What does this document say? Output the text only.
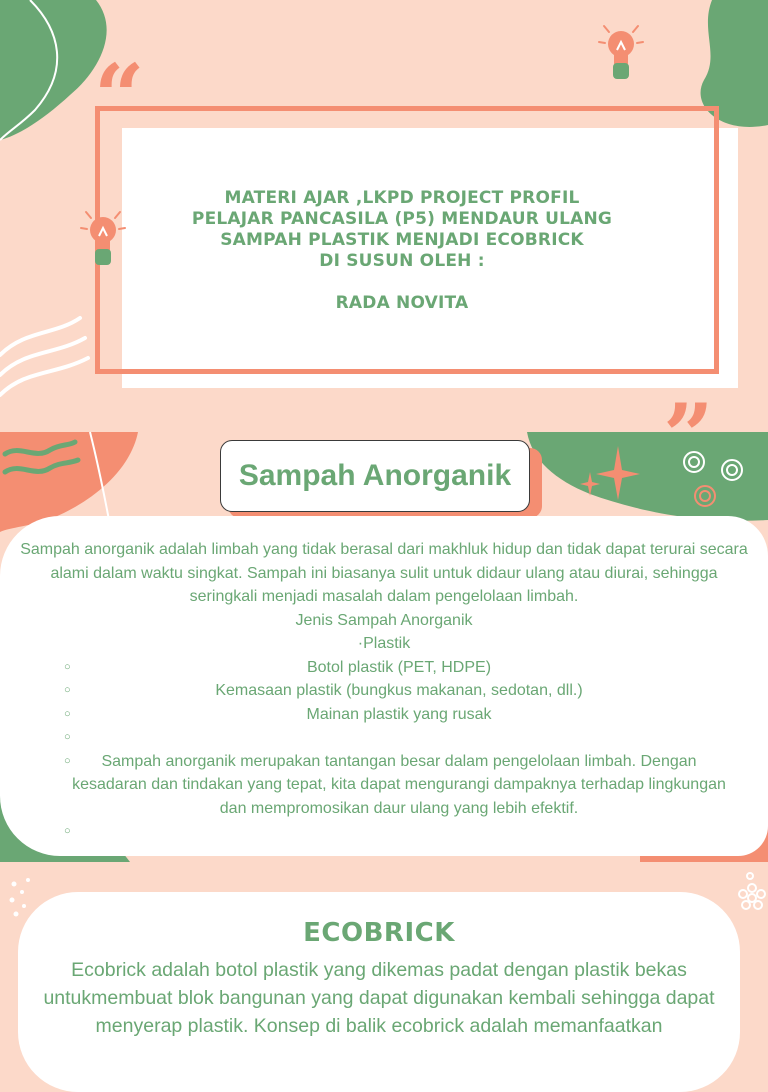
“
MATERI AJAR ,LKPD PROJECT PROFIL
PELAJAR PANCASILA (P5) MENDAUR ULANG
SAMPAH PLASTIK MENJADI ECOBRICK
DI SUSUN OLEH :
RADA NOVITA
Sampah Anorganik

Sampah anorganik adalah limbah yang tidak berasal dari makhluk hidup dan tidak dapat terurai secara alami dalam waktu singkat. Sampah ini biasanya sulit untuk didaur ulang atau diurai, sehingga seringkali menjadi masalah dalam pengelolaan limbah.

Jenis Sampah Anorganik

·Plastik

○	Botol plastik (PET, HDPE)
○	Kemasaan plastik (bungkus makanan, sedotan, dll.)
○	Mainan plastik yang rusak
○
○ Sampah anorganik merupakan tantangan besar dalam pengelolaan limbah. Dengan kesadaran dan tindakan yang tepat, kita dapat mengurangi dampaknya terhadap lingkungan dan mempromosikan daur ulang yang lebih efektif.
○
ECOBRICK
Ecobrick adalah botol plastik yang dikemas padat dengan plastik bekas untukmembuat blok bangunan yang dapat digunakan kembali sehingga dapat menyerap plastik. Konsep di balik ecobrick adalah memanfaatkan
